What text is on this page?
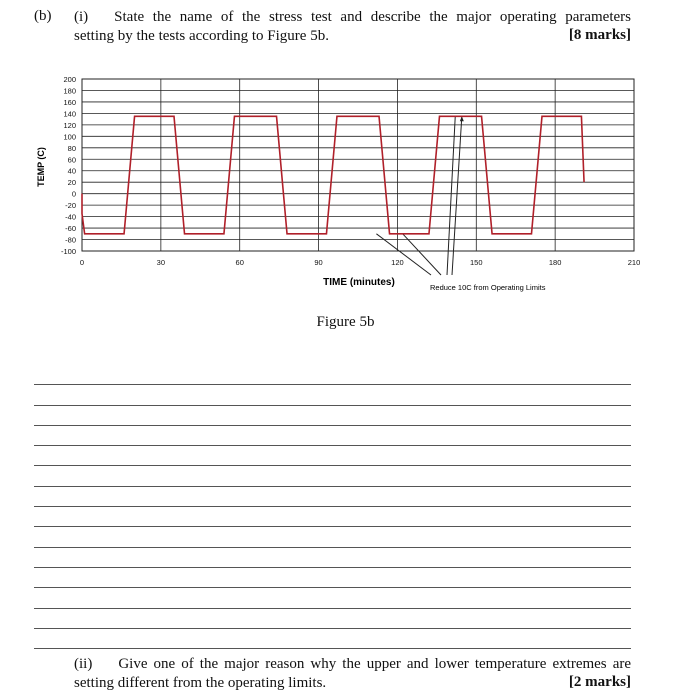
(b) (i) State the name of the stress test and describe the major operating parameters
setting by the tests according to Figure 5b.	[8 marks]
200
180
160
140
120
100
80
60
40
20
0
-20
-40
-60
-80
-100
0	30	60	90	120	150	180	210
TEMP (C)
TIME (minutes)	Reduce 10C from Operating Limits
Figure 5b
(ii) Give one of the major reason why the upper and lower temperature extremes are
setting different from the operating limits.	[2 marks]
